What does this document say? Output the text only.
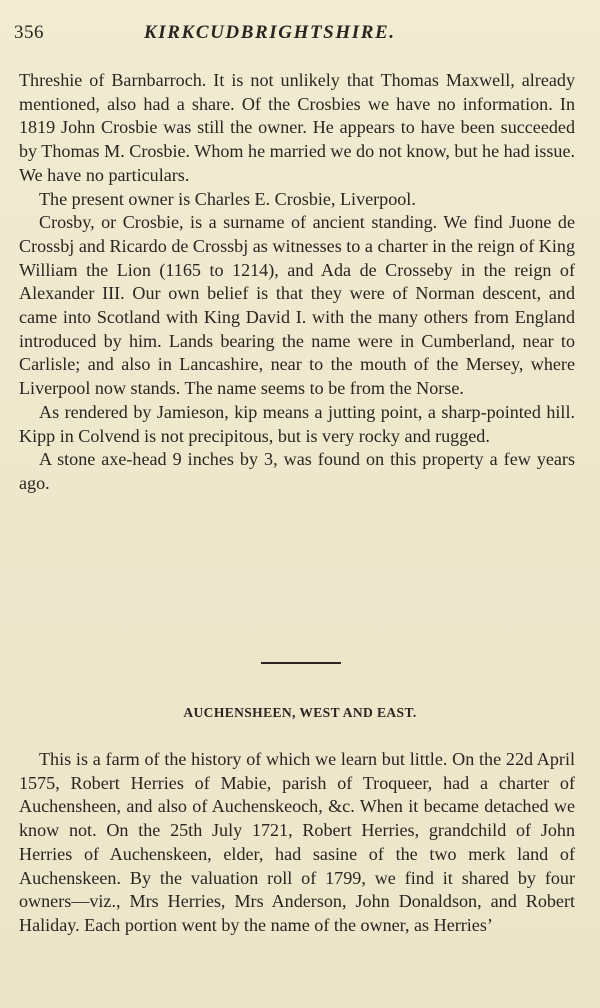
356	KIRKCUDBRIGHTSHIRE.

Threshie of Barnbarroch. It is not unlikely that Thomas Maxwell, already mentioned, also had a share. Of the Crosbies we have no information. In 1819 John Crosbie was still the owner. He appears to have been succeeded by Thomas M. Crosbie. Whom he married we do not know, but he had issue. We have no particulars.

The present owner is Charles E. Crosbie, Liverpool.

Crosby, or Crosbie, is a surname of ancient standing. We find Juone de Crossbj and Ricardo de Crossbj as witnesses to a charter in the reign of King William the Lion (1165 to 1214), and Ada de Crosseby in the reign of Alexander III. Our own belief is that they were of Norman descent, and came into Scotland with King David I. with the many others from England introduced by him. Lands bearing the name were in Cumberland, near to Carlisle; and also in Lancashire, near to the mouth of the Mersey, where Liverpool now stands. The name seems to be from the Norse.

As rendered by Jamieson, kip means a jutting point, a sharp-pointed hill. Kipp in Colvend is not precipitous, but is very rocky and rugged.

A stone axe-head 9 inches by 3, was found on this property a few years ago.

AUCHENSHEEN, WEST AND EAST.

This is a farm of the history of which we learn but little. On the 22d April 1575, Robert Herries of Mabie, parish of Troqueer, had a charter of Auchensheen, and also of Auchenskeoch, &c. When it became detached we know not. On the 25th July 1721, Robert Herries, grandchild of John Herries of Auchenskeen, elder, had sasine of the two merk land of Auchenskeen. By the valuation roll of 1799, we find it shared by four owners—viz., Mrs Herries, Mrs Anderson, John Donaldson, and Robert Haliday. Each portion went by the name of the owner, as Herries’
